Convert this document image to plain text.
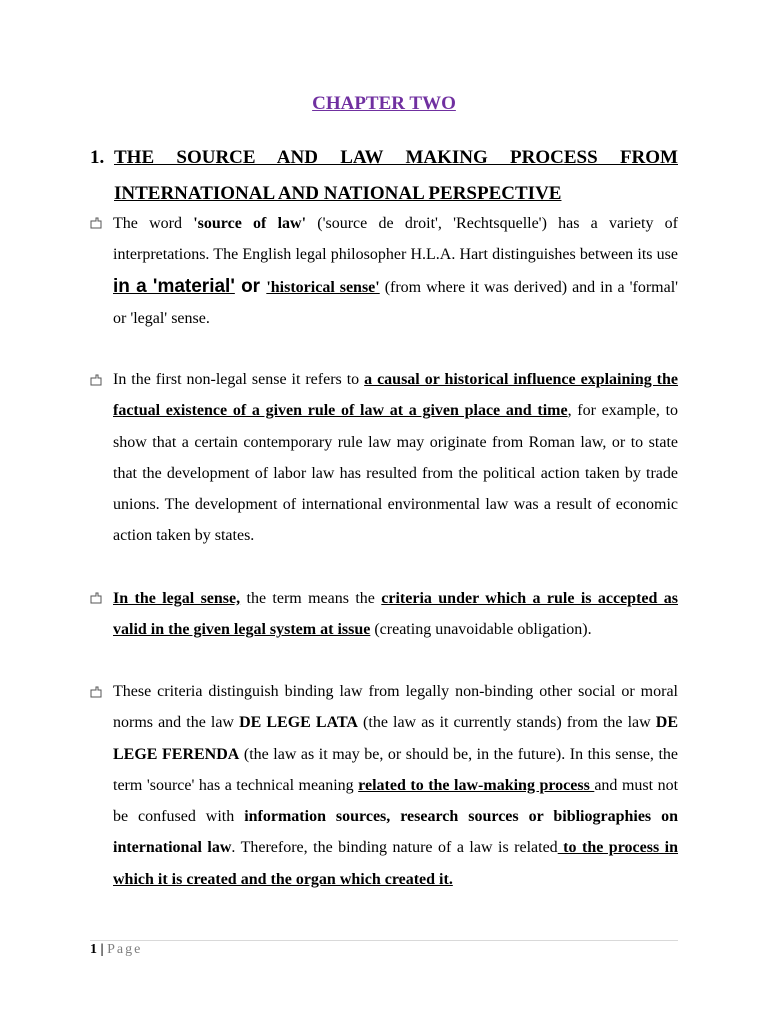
CHAPTER TWO
1. THE SOURCE AND LAW MAKING PROCESS FROM
INTERNATIONAL AND NATIONAL PERSPECTIVE
The word 'source of law' ('source de droit', 'Rechtsquelle') has a variety of interpretations. The English legal philosopher H.L.A. Hart distinguishes between its use in a 'material' or 'historical sense' (from where it was derived) and in a 'formal' or 'legal' sense.
In the first non-legal sense it refers to a causal or historical influence explaining the factual existence of a given rule of law at a given place and time, for example, to show that a certain contemporary rule law may originate from Roman law, or to state that the development of labor law has resulted from the political action taken by trade unions. The development of international environmental law was a result of economic action taken by states.
In the legal sense, the term means the criteria under which a rule is accepted as valid in the given legal system at issue (creating unavoidable obligation).
These criteria distinguish binding law from legally non-binding other social or moral norms and the law DE LEGE LATA (the law as it currently stands) from the law DE LEGE FERENDA (the law as it may be, or should be, in the future). In this sense, the term 'source' has a technical meaning related to the law-making process and must not be confused with information sources, research sources or bibliographies on international law. Therefore, the binding nature of a law is related to the process in which it is created and the organ which created it.
1 | Page
